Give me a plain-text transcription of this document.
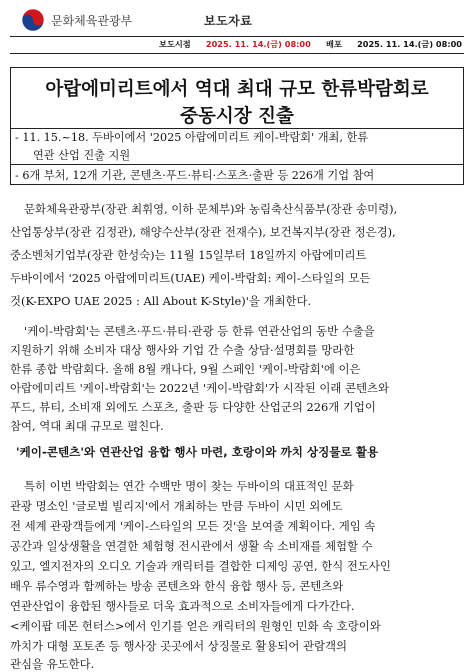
문화체육관광부	보도자료
보도시점 2025. 11. 14.(금) 08:00 배포 2025. 11. 14.(금) 08:00
아랍에미리트에서 역대 최대 규모 한류박람회로
중동시장 진출
- 11. 15.~18. 두바이에서 '2025 아랍에미리트 케이-박람회' 개최, 한류
연관 산업 진출 지원
- 6개 부처, 12개 기관, 콘텐츠·푸드·뷰티·스포츠·출판 등 226개 기업 참여
문화체육관광부(장관 최휘영, 이하 문체부)와 농림축산식품부(장관 송미령),
산업통상부(장관 김정관), 해양수산부(장관 전재수), 보건복지부(장관 정은경),
중소벤처기업부(장관 한성숙)는 11월 15일부터 18일까지 아랍에미리트
두바이에서 '2025 아랍에미리트(UAE) 케이-박람회: 케이-스타일의 모든
것(K-EXPO UAE 2025 : All About K-Style)'을 개최한다.
'케이-박람회'는 콘텐츠·푸드·뷰티·관광 등 한류 연관산업의 동반 수출을
지원하기 위해 소비자 대상 행사와 기업 간 수출 상담·설명회를 망라한
한류 종합 박람회다. 올해 8월 캐나다, 9월 스페인 '케이-박람회'에 이은
아랍에미리트 '케이-박람회'는 2022년 '케이-박람회'가 시작된 이래 콘텐츠와
푸드, 뷰티, 소비재 외에도 스포츠, 출판 등 다양한 산업군의 226개 기업이
참여, 역대 최대 규모로 펼친다.
'케이-콘텐츠'와 연관산업 융합 행사 마련, 호랑이와 까치 상징물로 활용
특히 이번 박람회는 연간 수백만 명이 찾는 두바이의 대표적인 문화
관광 명소인 '글로벌 빌리지'에서 개최하는 만큼 두바이 시민 외에도
전 세계 관광객들에게 '케이-스타일의 모든 것'을 보여줄 계획이다. 게임 속
공간과 일상생활을 연결한 체험형 전시관에서 생활 속 소비재를 체험할 수
있고, 엘지전자의 오디오 기술과 캐릭터를 결합한 디제잉 공연, 한식 전도사인
배우 류수영과 함께하는 방송 콘텐츠와 한식 융합 행사 등, 콘텐츠와
연관산업이 융합된 행사들로 더욱 효과적으로 소비자들에게 다가간다.
<케이팝 데몬 헌터스>에서 인기를 얻은 캐릭터의 원형인 민화 속 호랑이와
까치가 대형 포토존 등 행사장 곳곳에서 상징물로 활용되어 관람객의
관심을 유도한다.
